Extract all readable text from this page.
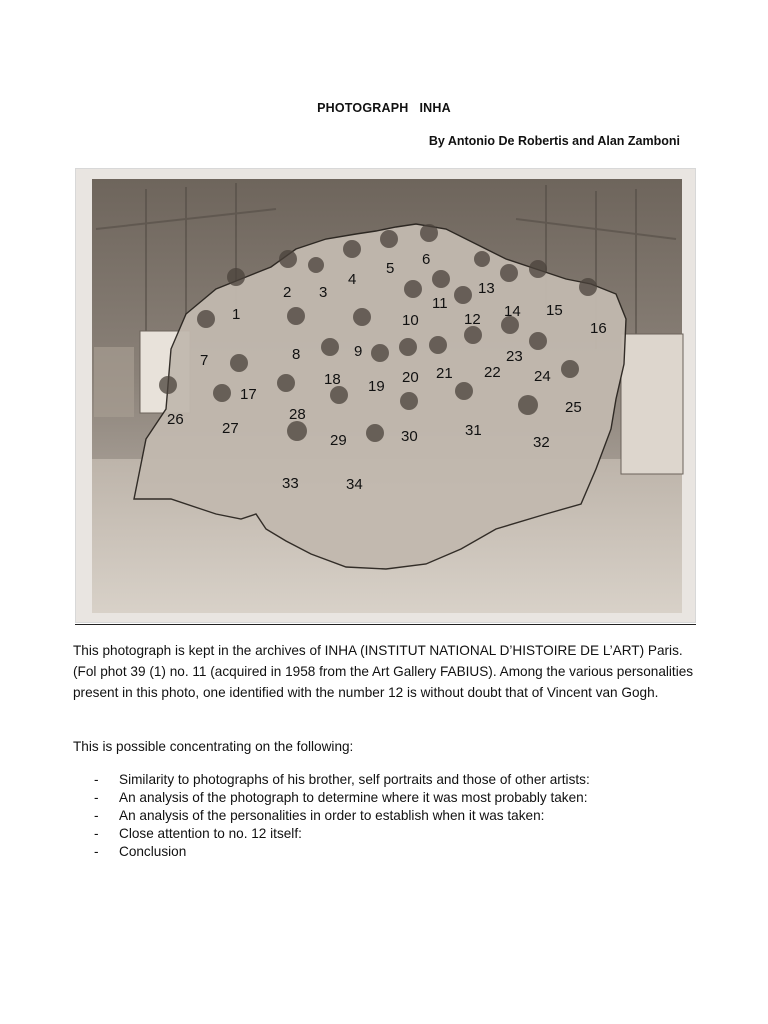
PHOTOGRAPH   INHA
By Antonio De Robertis and Alan Zamboni
1
2 3
4
5
6
7	8	9
10
11
12
13
14 15
16
17
18 19
20 21 22
23
24
25
26
27
28
29	30	31
32
33	34

This photograph is kept in the archives of INHA (INSTITUT NATIONAL D’HISTOIRE DE L’ART) Paris. (Fol phot 39 (1) no. 11 (acquired in 1958 from the Art Gallery FABIUS). Among the various personalities present in this photo, one identified with the number 12 is without doubt that of Vincent van Gogh.

This is possible concentrating on the following:

- Similarity to photographs of his brother, self portraits and those of other artists:
- An analysis of the photograph to determine where it was most probably taken:
- An analysis of the personalities in order to establish when it was taken:
- Close attention to no. 12 itself:
- Conclusion
